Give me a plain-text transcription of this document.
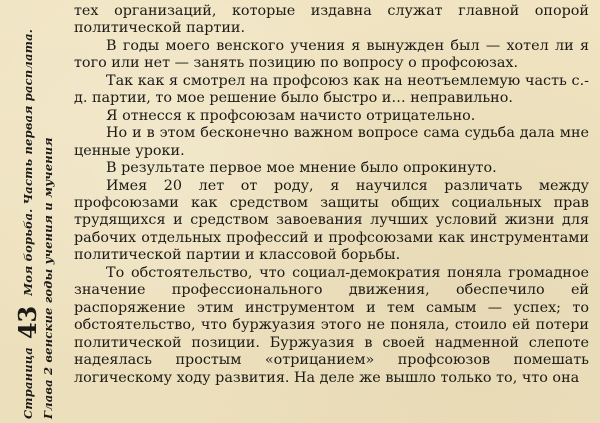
Страница
43
Моя борьба. Часть первая расплата. Глава 2 венские годы учения и мучения

тех организаций, которые издавна служат главной опорой политической партии.

В годы моего венского учения я вынужден был — хотел ли я того или нет — занять позицию по вопросу о профсоюзах.

Так как я смотрел на профсоюз как на неотъемлемую часть с.-д. партии, то мое решение было быстро и… неправильно.

Я отнесся к профсоюзам начисто отрицательно.

Но и в этом бесконечно важном вопросе сама судьба дала мне ценные уроки.

В результате первое мое мнение было опрокинуто.

Имея 20 лет от роду, я научился различать между профсоюзами как средством защиты общих социальных прав трудящихся и средством завоевания лучших условий жизни для рабочих отдельных профессий и профсоюзами как инструментами политической партии и классовой борьбы.

То обстоятельство, что социал-демократия поняла громадное значение профессионального движения, обеспечило ей распоряжение этим инструментом и тем самым — успех; то обстоятельство, что буржуазия этого не поняла, стоило ей потери политической позиции. Буржуазия в своей надменной слепоте надеялась простым «отрицанием» профсоюзов помешать логическому ходу развития. На деле же вышло только то, что она
